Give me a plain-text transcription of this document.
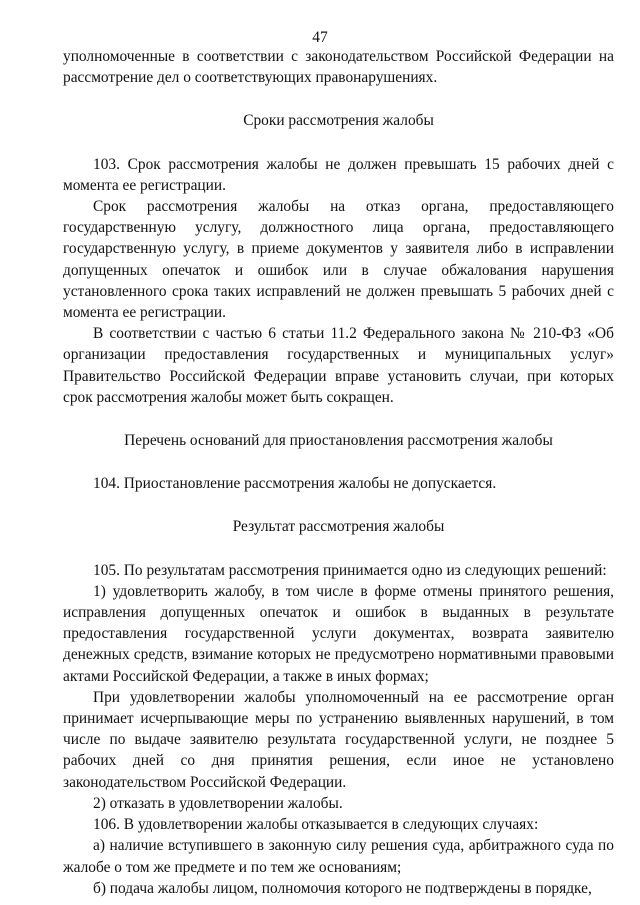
47

уполномоченные в соответствии с законодательством Российской Федерации на рассмотрение дел о соответствующих правонарушениях.

Сроки рассмотрения жалобы

103. Срок рассмотрения жалобы не должен превышать 15 рабочих дней с момента ее регистрации.

Срок рассмотрения жалобы на отказ органа, предоставляющего государственную услугу, должностного лица органа, предоставляющего государственную услугу, в приеме документов у заявителя либо в исправлении допущенных опечаток и ошибок или в случае обжалования нарушения установленного срока таких исправлений не должен превышать 5 рабочих дней с момента ее регистрации.

В соответствии с частью 6 статьи 11.2 Федерального закона № 210-ФЗ «Об организации предоставления государственных и муниципальных услуг» Правительство Российской Федерации вправе установить случаи, при которых срок рассмотрения жалобы может быть сокращен.

Перечень оснований для приостановления рассмотрения жалобы

104. Приостановление рассмотрения жалобы не допускается.

Результат рассмотрения жалобы

105. По результатам рассмотрения принимается одно из следующих решений:

1) удовлетворить жалобу, в том числе в форме отмены принятого решения, исправления допущенных опечаток и ошибок в выданных в результате предоставления государственной услуги документах, возврата заявителю денежных средств, взимание которых не предусмотрено нормативными правовыми актами Российской Федерации, а также в иных формах;

При удовлетворении жалобы уполномоченный на ее рассмотрение орган принимает исчерпывающие меры по устранению выявленных нарушений, в том числе по выдаче заявителю результата государственной услуги, не позднее 5 рабочих дней со дня принятия решения, если иное не установлено законодательством Российской Федерации.

2) отказать в удовлетворении жалобы.

106. В удовлетворении жалобы отказывается в следующих случаях:

а) наличие вступившего в законную силу решения суда, арбитражного суда по жалобе о том же предмете и по тем же основаниям;

б) подача жалобы лицом, полномочия которого не подтверждены в порядке,
